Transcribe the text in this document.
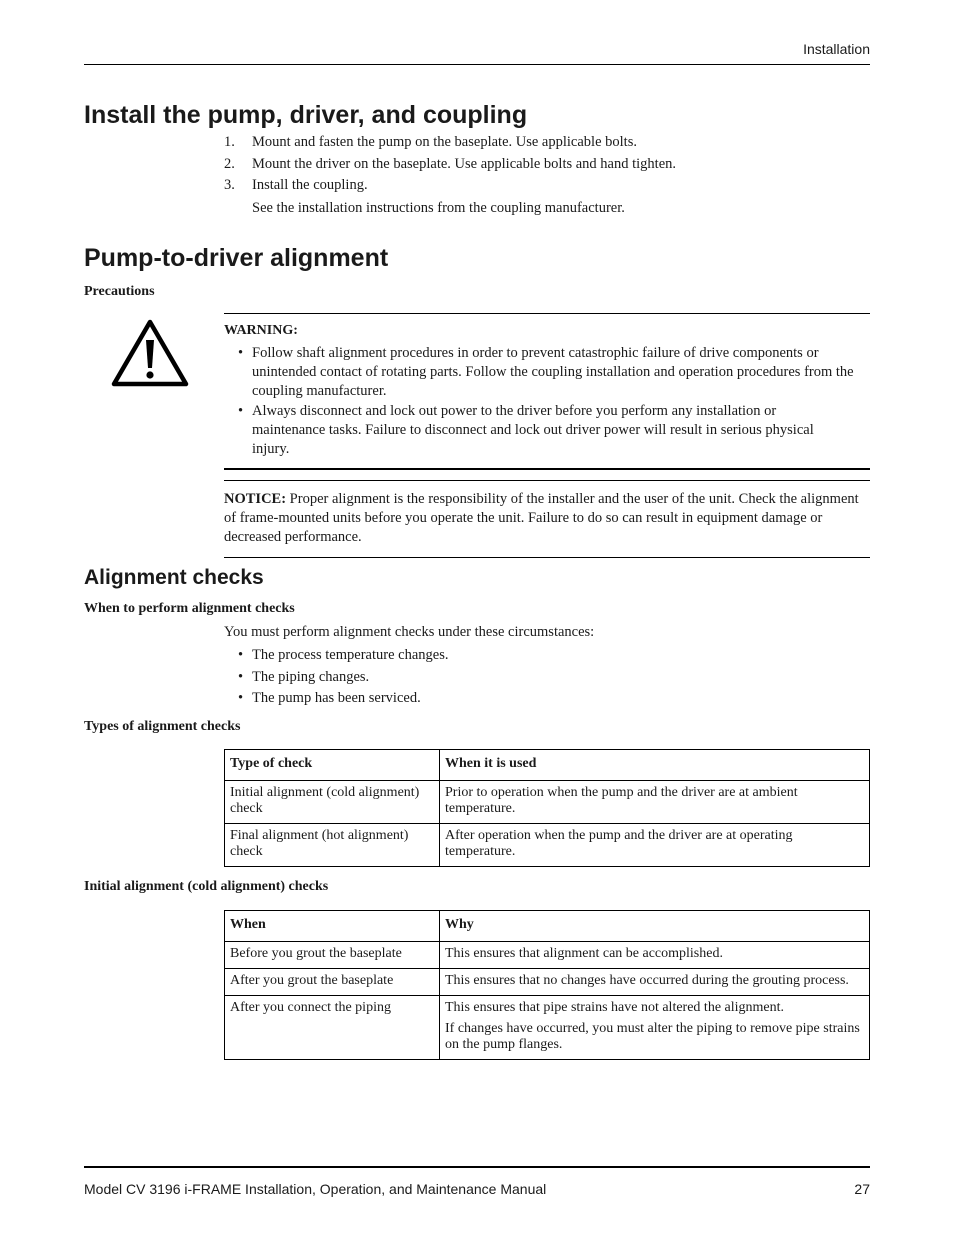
Installation
Install the pump, driver, and coupling
1. Mount and fasten the pump on the baseplate. Use applicable bolts.
2. Mount the driver on the baseplate. Use applicable bolts and hand tighten.
3. Install the coupling.
See the installation instructions from the coupling manufacturer.
Pump-to-driver alignment
Precautions
WARNING:
• Follow shaft alignment procedures in order to prevent catastrophic failure of drive components or unintended contact of rotating parts. Follow the coupling installation and operation procedures from the coupling manufacturer.
• Always disconnect and lock out power to the driver before you perform any installation or maintenance tasks. Failure to disconnect and lock out driver power will result in serious physical injury.
NOTICE: Proper alignment is the responsibility of the installer and the user of the unit. Check the alignment of frame-mounted units before you operate the unit. Failure to do so can result in equipment damage or decreased performance.
Alignment checks
When to perform alignment checks
You must perform alignment checks under these circumstances:
• The process temperature changes.
• The piping changes.
• The pump has been serviced.
Types of alignment checks
Type of check	When it is used
Initial alignment (cold alignment) check	Prior to operation when the pump and the driver are at ambient temperature.
Final alignment (hot alignment) check	After operation when the pump and the driver are at operating temperature.
Initial alignment (cold alignment) checks
When	Why
Before you grout the baseplate	This ensures that alignment can be accomplished.
After you grout the baseplate	This ensures that no changes have occurred during the grouting process.
After you connect the piping	This ensures that pipe strains have not altered the alignment.

If changes have occurred, you must alter the piping to remove pipe strains on the pump flanges.

Model CV 3196 i-FRAME Installation, Operation, and Maintenance Manual	27
